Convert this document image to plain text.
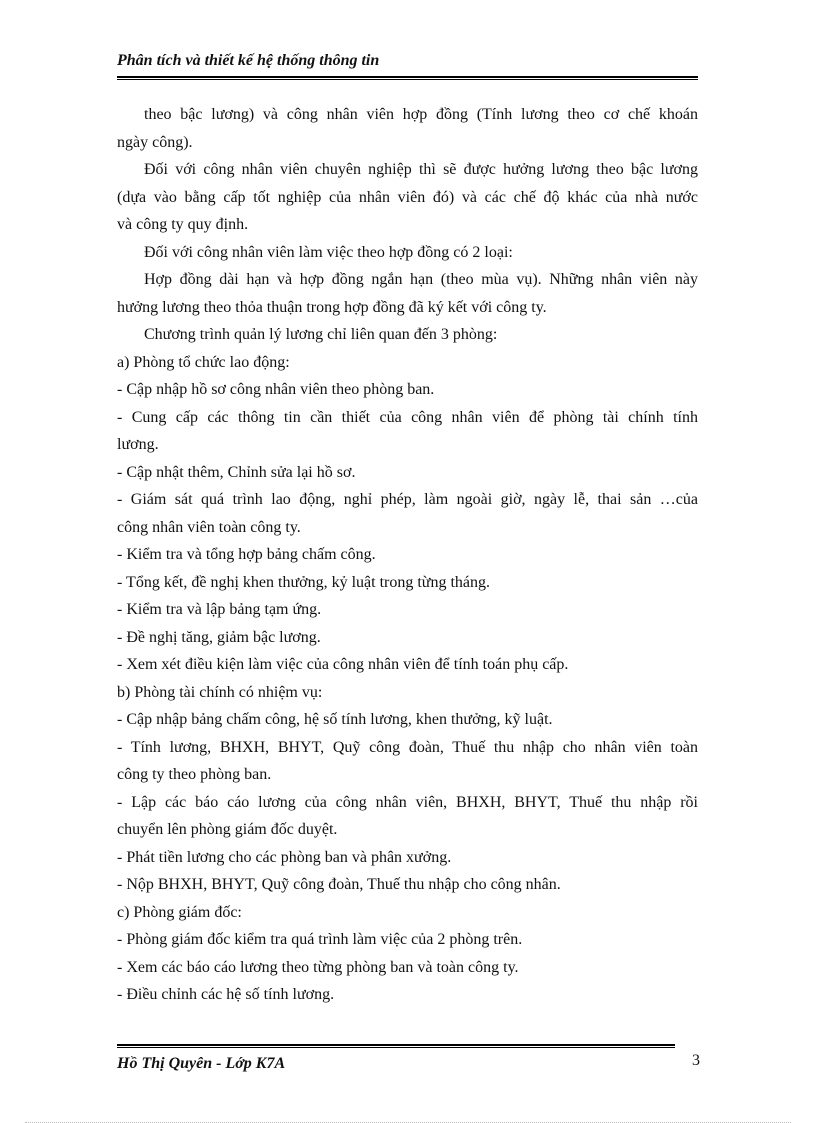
Phân tích và thiết kế hệ thống thông tin
theo bậc lương) và công nhân viên hợp đồng (Tính lương theo cơ chế khoán
ngày công).
Đối với công nhân viên chuyên nghiệp thì sẽ được hưởng lương theo bậc lương
(dựa vào bằng cấp tốt nghiệp của nhân viên đó) và các chế độ khác của nhà nước
và công ty quy định.
Đối với công nhân viên làm việc theo hợp đồng có 2 loại:
Hợp đồng dài hạn và hợp đồng ngắn hạn (theo mùa vụ). Những nhân viên này
hưởng lương theo thỏa thuận trong hợp đồng đã ký kết với công ty.
Chương trình quản lý lương chỉ liên quan đến 3 phòng:
a) Phòng tổ chức lao động:
- Cập nhập hồ sơ công nhân viên theo phòng ban.
- Cung cấp các thông tin cần thiết của công nhân viên để phòng tài chính tính
lương.
- Cập nhật thêm, Chỉnh sửa lại hồ sơ.
- Giám sát quá trình lao động, nghỉ phép, làm ngoài giờ, ngày lễ, thai sản …của
công nhân viên toàn công ty.
- Kiểm tra và tổng hợp bảng chấm công.
- Tổng kết, đề nghị khen thưởng, kỷ luật trong từng tháng.
- Kiểm tra và lập bảng tạm ứng.
- Đề nghị tăng, giảm bậc lương.
- Xem xét điều kiện làm việc của công nhân viên để tính toán phụ cấp.
b) Phòng tài chính có nhiệm vụ:
- Cập nhập bảng chấm công, hệ số tính lương, khen thưởng, kỹ luật.
- Tính lương, BHXH, BHYT, Quỹ công đoàn, Thuế thu nhập cho nhân viên toàn
công ty theo phòng ban.
- Lập các báo cáo lương của công nhân viên, BHXH, BHYT, Thuế thu nhập rồi
chuyển lên phòng giám đốc duyệt.
- Phát tiền lương cho các phòng ban và phân xưởng.
- Nộp BHXH, BHYT, Quỹ công đoàn, Thuế thu nhập cho công nhân.
c) Phòng giám đốc:
- Phòng giám đốc kiểm tra quá trình làm việc của 2 phòng trên.
- Xem các báo cáo lương theo từng phòng ban và toàn công ty.
- Điều chỉnh các hệ số tính lương.
Hồ Thị Quyên - Lớp K7A	3
